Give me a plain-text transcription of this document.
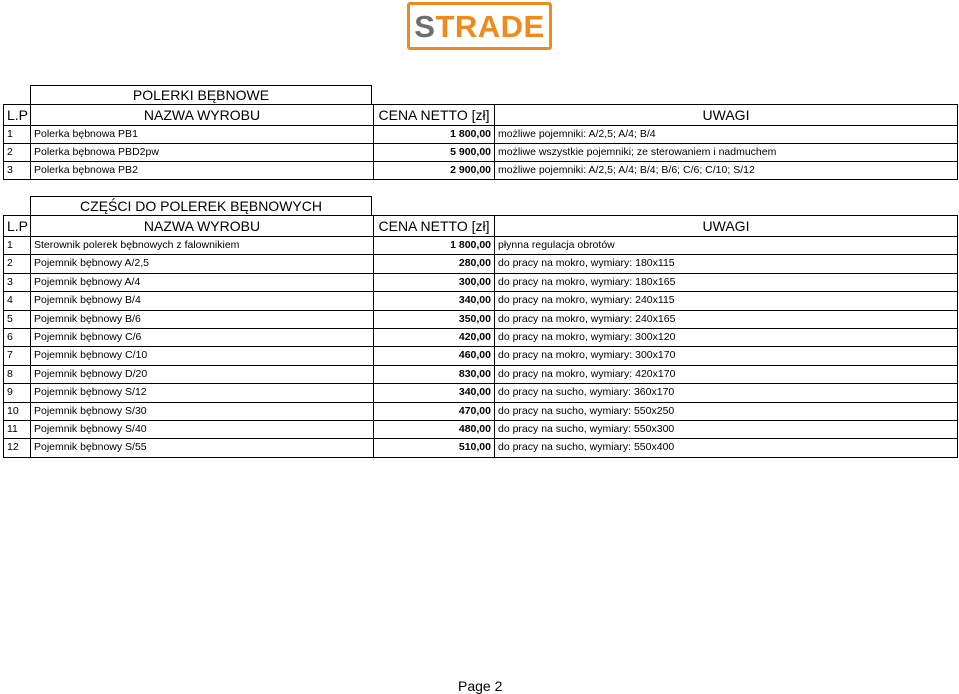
STRADE
POLERKI BĘBNOWE
L.P	NAZWA WYROBU	CENA NETTO [zł]	UWAGI
1	Polerka bębnowa PB1	1 800,00	możliwe pojemniki: A/2,5; A/4; B/4
2	Polerka bębnowa PBD2pw	5 900,00	możliwe wszystkie pojemniki; ze sterowaniem i nadmuchem
3	Polerka bębnowa PB2	2 900,00	możliwe pojemniki: A/2,5; A/4; B/4; B/6; C/6; C/10; S/12
CZĘŚCI DO POLEREK BĘBNOWYCH
L.P	NAZWA WYROBU	CENA NETTO [zł]	UWAGI
1	Sterownik polerek bębnowych z falownikiem	1 800,00	płynna regulacja obrotów
2	Pojemnik bębnowy A/2,5	280,00	do pracy na mokro, wymiary: 180x115
3	Pojemnik bębnowy A/4	300,00	do pracy na mokro, wymiary: 180x165
4	Pojemnik bębnowy B/4	340,00	do pracy na mokro, wymiary: 240x115
5	Pojemnik bębnowy B/6	350,00	do pracy na mokro, wymiary: 240x165
6	Pojemnik bębnowy C/6	420,00	do pracy na mokro, wymiary: 300x120
7	Pojemnik bębnowy C/10	460,00	do pracy na mokro, wymiary: 300x170
8	Pojemnik bębnowy D/20	830,00	do pracy na mokro, wymiary: 420x170
9	Pojemnik bębnowy S/12	340,00	do pracy na sucho, wymiary: 360x170
10	Pojemnik bębnowy S/30	470,00	do pracy na sucho, wymiary: 550x250
11	Pojemnik bębnowy S/40	480,00	do pracy na sucho, wymiary: 550x300
12	Pojemnik bębnowy S/55	510,00	do pracy na sucho, wymiary: 550x400
Page 2
